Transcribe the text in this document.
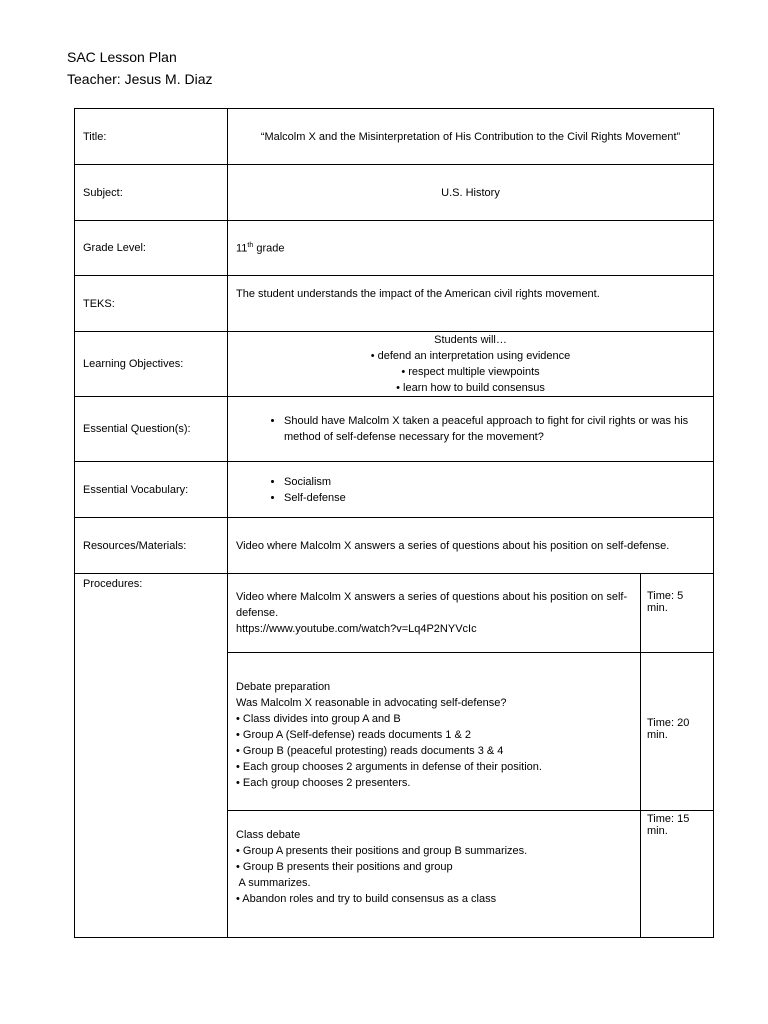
SAC Lesson Plan
Teacher: Jesus M. Diaz
Title:	“Malcolm X and the Misinterpretation of His Contribution to the Civil Rights Movement”
Subject:	U.S. History
Grade Level:	11th grade
TEKS:	The student understands the impact of the American civil rights movement.
Learning Objectives:	
Students will…
• defend an interpretation using evidence
• respect multiple viewpoints
• learn how to build consensus

Essential Question(s):	
• Should have Malcolm X taken a peaceful approach to fight for civil rights or was his method of self-defense necessary for the movement?

Essential Vocabulary:	
• Socialism
• Self-defense

Resources/Materials:	Video where Malcolm X answers a series of questions about his position on self-defense.
Procedures:	
Video where Malcolm X answers a series of questions about his position on self-defense.
https://www.youtube.com/watch?v=Lq4P2NYVcIc
	Time: 5 min.

Debate preparation
Was Malcolm X reasonable in advocating self-defense?
• Class divides into group A and B
• Group A (Self-defense) reads documents 1 & 2
• Group B (peaceful protesting) reads documents 3 & 4
• Each group chooses 2 arguments in defense of their position.
• Each group chooses 2 presenters.
	Time: 20 min.

Class debate
• Group A presents their positions and group B summarizes.
• Group B presents their positions and group
A summarizes.
• Abandon roles and try to build consensus as a class
	Time: 15 min.
